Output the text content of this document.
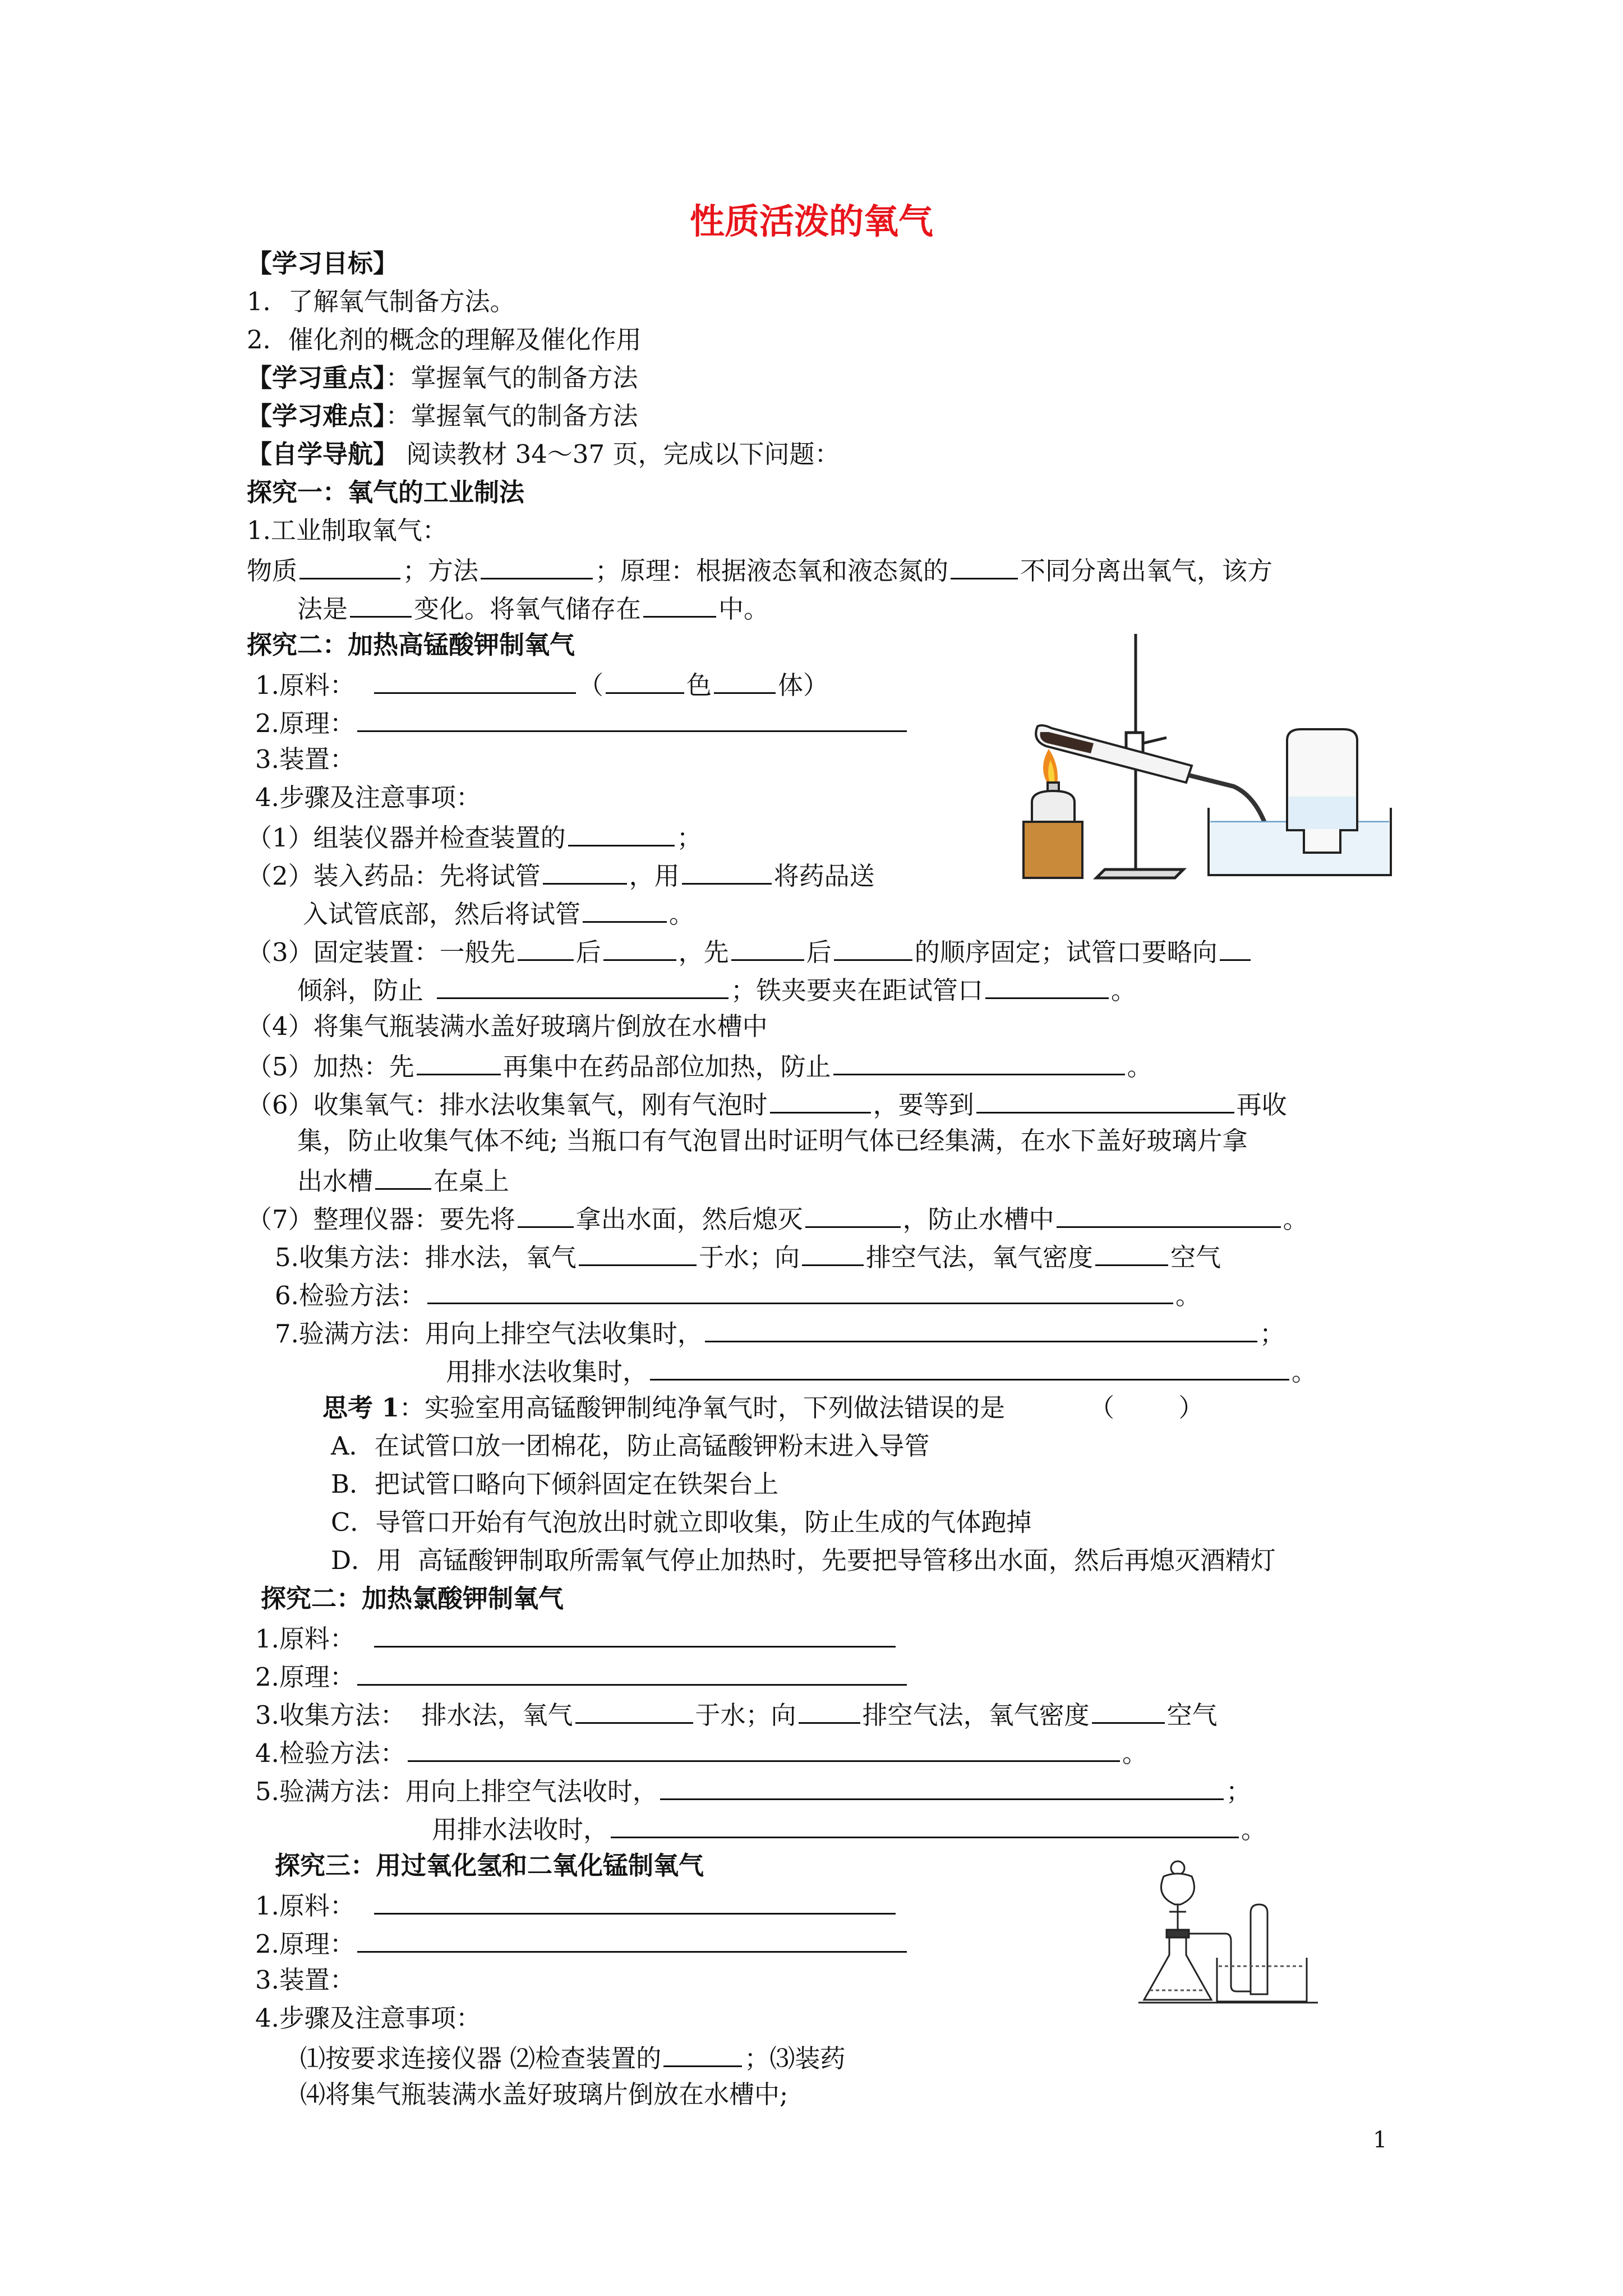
性质活泼的氧气
【学习目标】
1．了解氧气制备方法。
2．催化剂的概念的理解及催化作用
【学习重点】：掌握氧气的制备方法
【学习难点】：掌握氧气的制备方法
【自学导航】 阅读教材 34～37 页，完成以下问题：
探究一：氧气的工业制法
1.工业制取氧气：
物质	；方法	；原理：根据液态氧和液态氮的	不同分离出氧气，该方
法是	变化。将氧气储存在	中。
探究二：加热高锰酸钾制氧气
1.原料：	（	色	体）
2.原理：
3.装置：
4.步骤及注意事项：
（1）组装仪器并检查装置的	；
（2）装入药品：先将试管	，用	将药品送
入试管底部，然后将试管	。
（3）固定装置：一般先 后	，先	后	的顺序固定；试管口要略向
倾斜，防止	；铁夹要夹在距试管口	。
（4）将集气瓶装满水盖好玻璃片倒放在水槽中
（5）加热：先	再集中在药品部位加热，防止	。
（6）收集氧气：排水法收集氧气，刚有气泡时	，要等到	再收
集，防止收集气体不纯; 当瓶口有气泡冒出时证明气体已经集满，在水下盖好玻璃片拿
出水槽 在桌上
（7）整理仪器：要先将 拿出水面，然后熄灭	，防止水槽中	。
5.收集方法：排水法，氧气	于水；向	排空气法，氧气密度	空气
6.检验方法：	。
7.验满方法：用向上排空气法收集时，	；
用排水法收集时，	。
思考 1：实验室用高锰酸钾制纯净氧气时，下列做法错误的是	（        ）
A．在试管口放一团棉花，防止高锰酸钾粉末进入导管
B．把试管口略向下倾斜固定在铁架台上
C．导管口开始有气泡放出时就立即收集，防止生成的气体跑掉
D．用  高锰酸钾制取所需氧气停止加热时，先要把导管移出水面，然后再熄灭酒精灯
探究二：加热氯酸钾制氧气
1.原料：
2.原理：
3.收集方法：  排水法，氧气	于水；向	排空气法，氧气密度	空气
4.检验方法：	。
5.验满方法：用向上排空气法收时，	；
用排水法收时，	。
探究三：用过氧化氢和二氧化锰制氧气
1.原料：
2.原理：
3.装置：
4.步骤及注意事项：
⑴按要求连接仪器 ⑵检查装置的	；⑶装药
⑷将集气瓶装满水盖好玻璃片倒放在水槽中;
1
